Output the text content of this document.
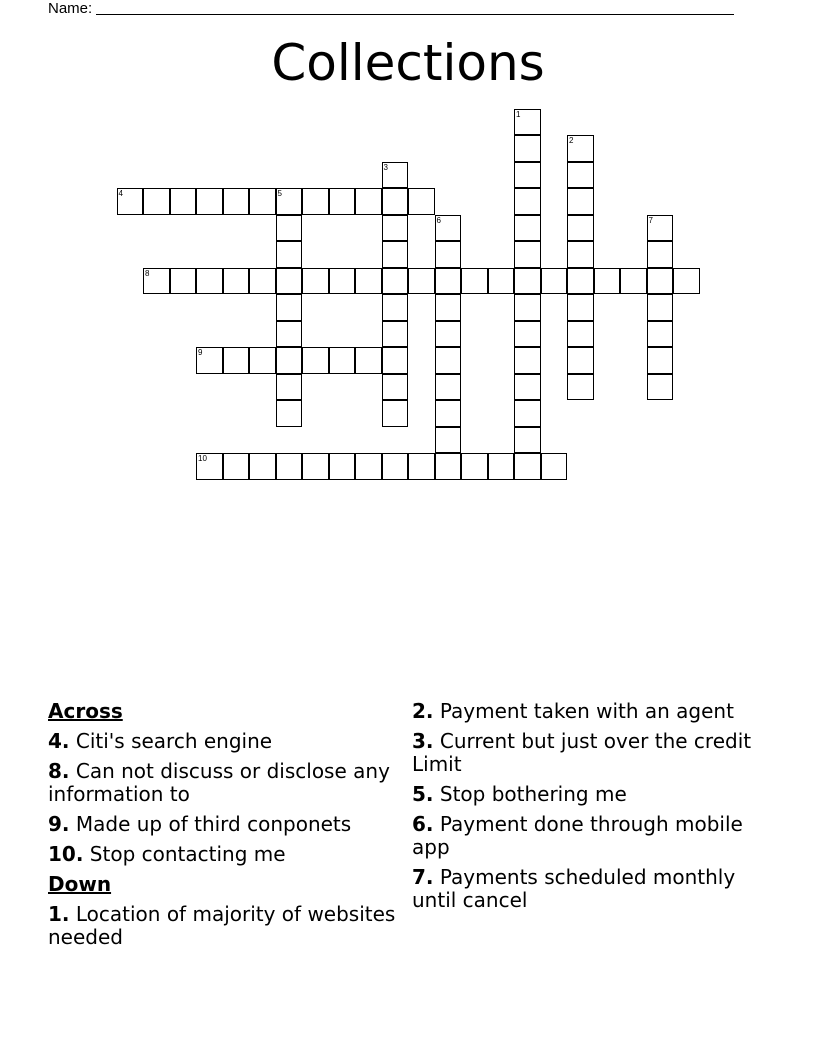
Name:
Collections
1
2
3
4	5
6	7
8
9
10
Across
4. Citi's search engine
8. Can not discuss or disclose any information to
9. Made up of third conponets
10. Stop contacting me
Down
1. Location of majority of websites needed
2. Payment taken with an agent
3. Current but just over the credit Limit
5. Stop bothering me
6. Payment done through mobile app
7. Payments scheduled monthly until cancel
